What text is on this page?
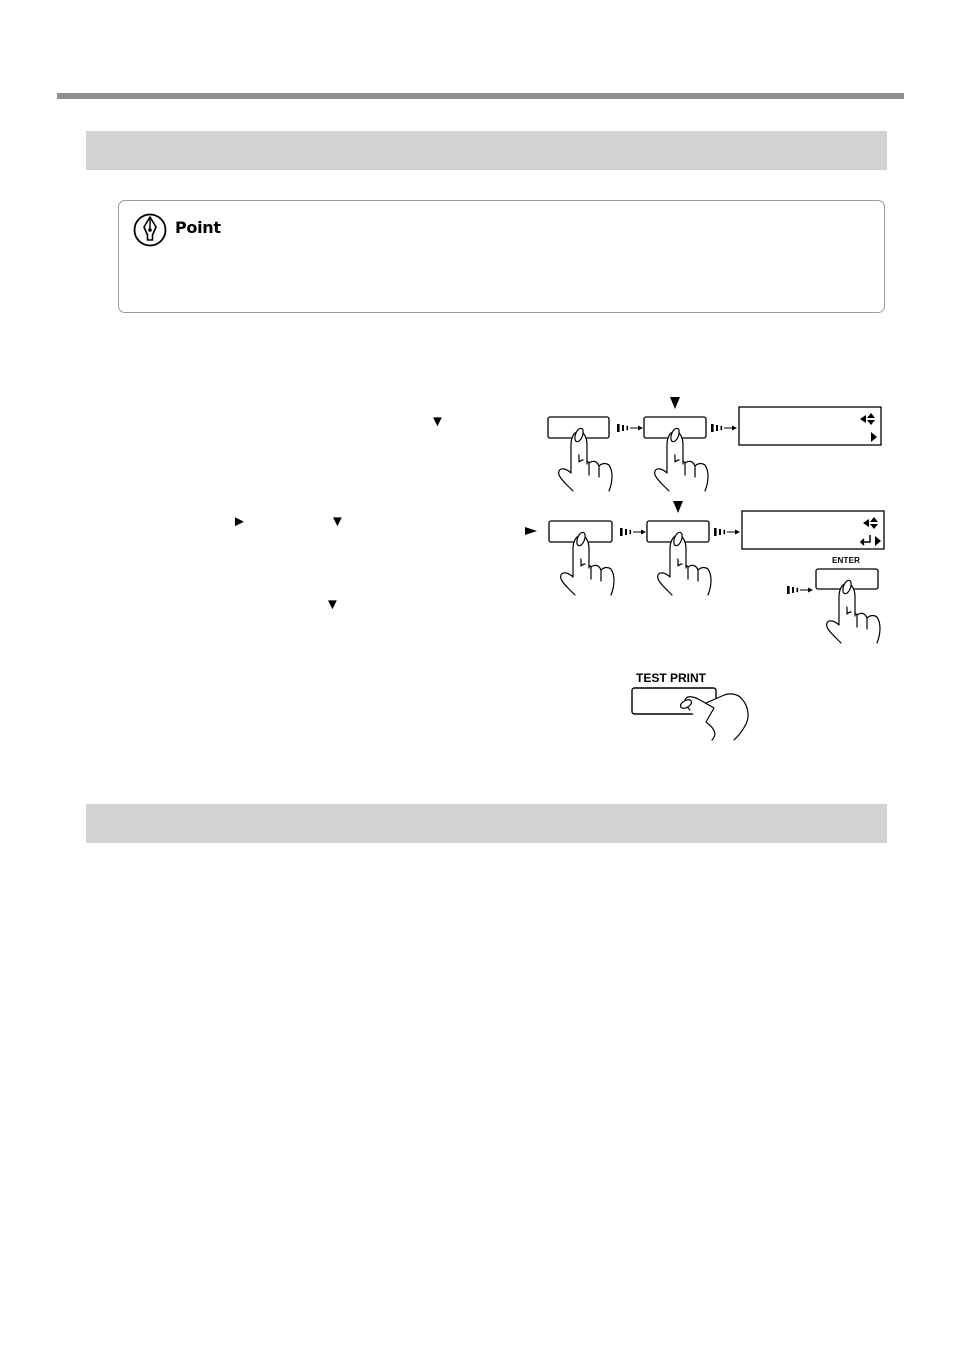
Point
▼
►	▼
▼
ENTER
TEST PRINT
